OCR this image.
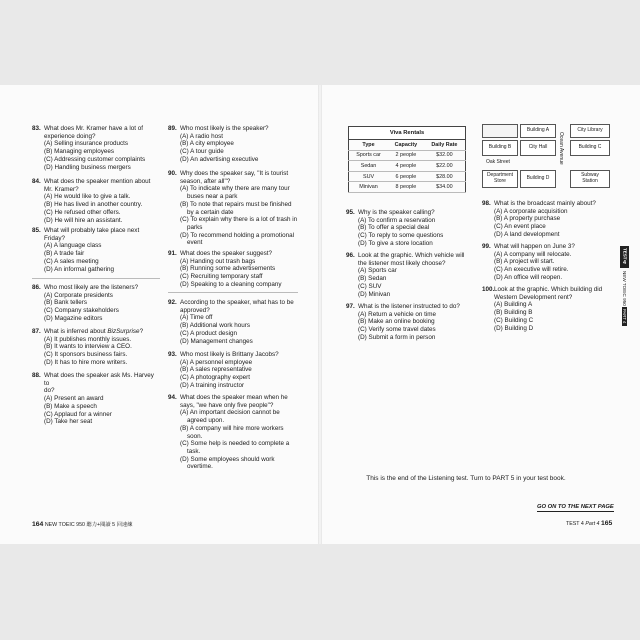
83. What does Mr. Kramer have a lot of
experience doing?
(A) Selling insurance products
(B) Managing employees
(C) Addressing customer complaints
(D) Handling business mergers
84. What does the speaker mention about
Mr. Kramer?
(A) He would like to give a talk.
(B) He has lived in another country.
(C) He refused other offers.
(D) He will hire an assistant.
85. What will probably take place next
Friday?
(A) A language class
(B) A trade fair
(C) A sales meeting
(D) An informal gathering
86. Who most likely are the listeners?
(A) Corporate presidents
(B) Bank tellers
(C) Company stakeholders
(D) Magazine editors
87. What is inferred about BizSurprise?
(A) It publishes monthly issues.
(B) It wants to interview a CEO.
(C) It sponsors business fairs.
(D) It has to hire more writers.
88. What does the speaker ask Ms. Harvey to
do?
(A) Present an award
(B) Make a speech
(C) Applaud for a winner
(D) Take her seat
89. Who most likely is the speaker?
(A) A radio host
(B) A city employee
(C) A tour guide
(D) An advertising executive
90. Why does the speaker say, "It is tourist
season, after all"?
(A) To indicate why there are many tour
buses near a park
(B) To note that repairs must be finished
by a certain date
(C) To explain why there is a lot of trash in
parks
(D) To recommend holding a promotional
event
91. What does the speaker suggest?
(A) Handing out trash bags
(B) Running some advertisements
(C) Recruiting temporary staff
(D) Speaking to a cleaning company
92. According to the speaker, what has to be
approved?
(A) Time off
(B) Additional work hours
(C) A product design
(D) Management changes
93. Who most likely is Brittany Jacobs?
(A) A personnel employee
(B) A sales representative
(C) A photography expert
(D) A training instructor
94. What does the speaker mean when he
says, "we have only five people"?
(A) An important decision cannot be
agreed upon.
(B) A company will hire more workers
soon.
(C) Some help is needed to complete a
task.
(D) Some employees should work
overtime.
Viva Rentals
Type	Capacity	Daily Rate
Sports car	2 people	$32.00
Sedan	4 people	$22.00
SUV	6 people	$28.00
Minivan	8 people	$34.00
Building A	City Library
Building B	City Hall	Building C
Ocean Avenue
Oak Street
Department
Store	Building D	Subway
Station
95. Why is the speaker calling?
(A) To confirm a reservation
(B) To offer a special deal
(C) To reply to some questions
(D) To give a store location
96. Look at the graphic. Which vehicle will
the listener most likely choose?
(A) Sports car
(B) Sedan
(C) SUV
(D) Minivan
97. What is the listener instructed to do?
(A) Return a vehicle on time
(B) Make an online booking
(C) Verify some travel dates
(D) Submit a form in person
98. What is the broadcast mainly about?
(A) A corporate acquisition
(B) A property purchase
(C) An event place
(D) A land development
99. What will happen on June 3?
(A) A company will relocate.
(B) A project will start.
(C) An executive will retire.
(D) An office will reopen.
100. Look at the graphic. Which building did
Western Development rent?
(A) Building A
(B) Building B
(C) Building C
(D) Building D
TEST
4
NEW TOEIC 950
PART 4
This is the end of the Listening test. Turn to PART 5 in your test book.
GO ON TO THE NEXT PAGE
164 NEW TOEIC 950 聽力+閱讀 5 回速練	TEST 4 Part 4 165
